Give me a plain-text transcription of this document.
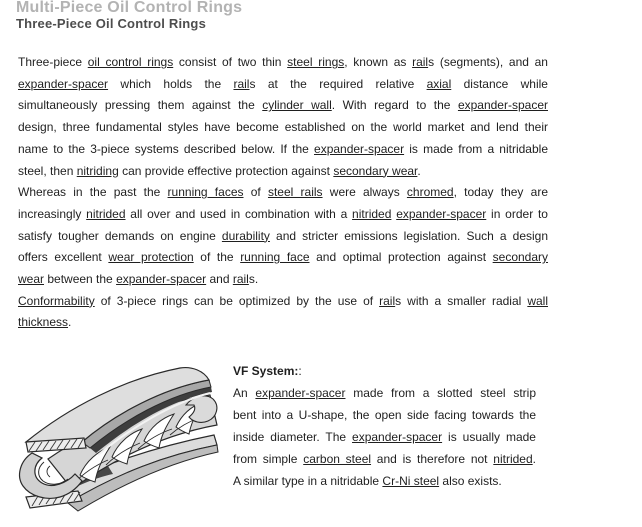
Multi-Piece Oil Control Rings
Three-Piece Oil Control Rings
Three-piece oil control rings consist of two thin steel rings, known as rails (segments), and an
expander-spacer which holds the rails at the required relative axial distance while
simultaneously pressing them against the cylinder wall. With regard to the expander-spacer
design, three fundamental styles have become established on the world market and lend their
name to the 3-piece systems described below. If the expander-spacer is made from a nitridable
steel, then nitriding can provide effective protection against secondary wear.
Whereas in the past the running faces of steel rails were always chromed, today they are
increasingly nitrided all over and used in combination with a nitrided expander-spacer in order to
satisfy tougher demands on engine durability and stricter emissions legislation. Such a design
offers excellent wear protection of the running face and optimal protection against secondary
wear between the expander-spacer and rails.
Conformability of 3-piece rings can be optimized by the use of rails with a smaller radial wall
thickness.
VF System::
An expander-spacer made from a slotted steel strip
bent into a U-shape, the open side facing towards the
inside diameter. The expander-spacer is usually made
from simple carbon steel and is therefore not nitrided.
A similar type in a nitridable Cr-Ni steel also exists.
